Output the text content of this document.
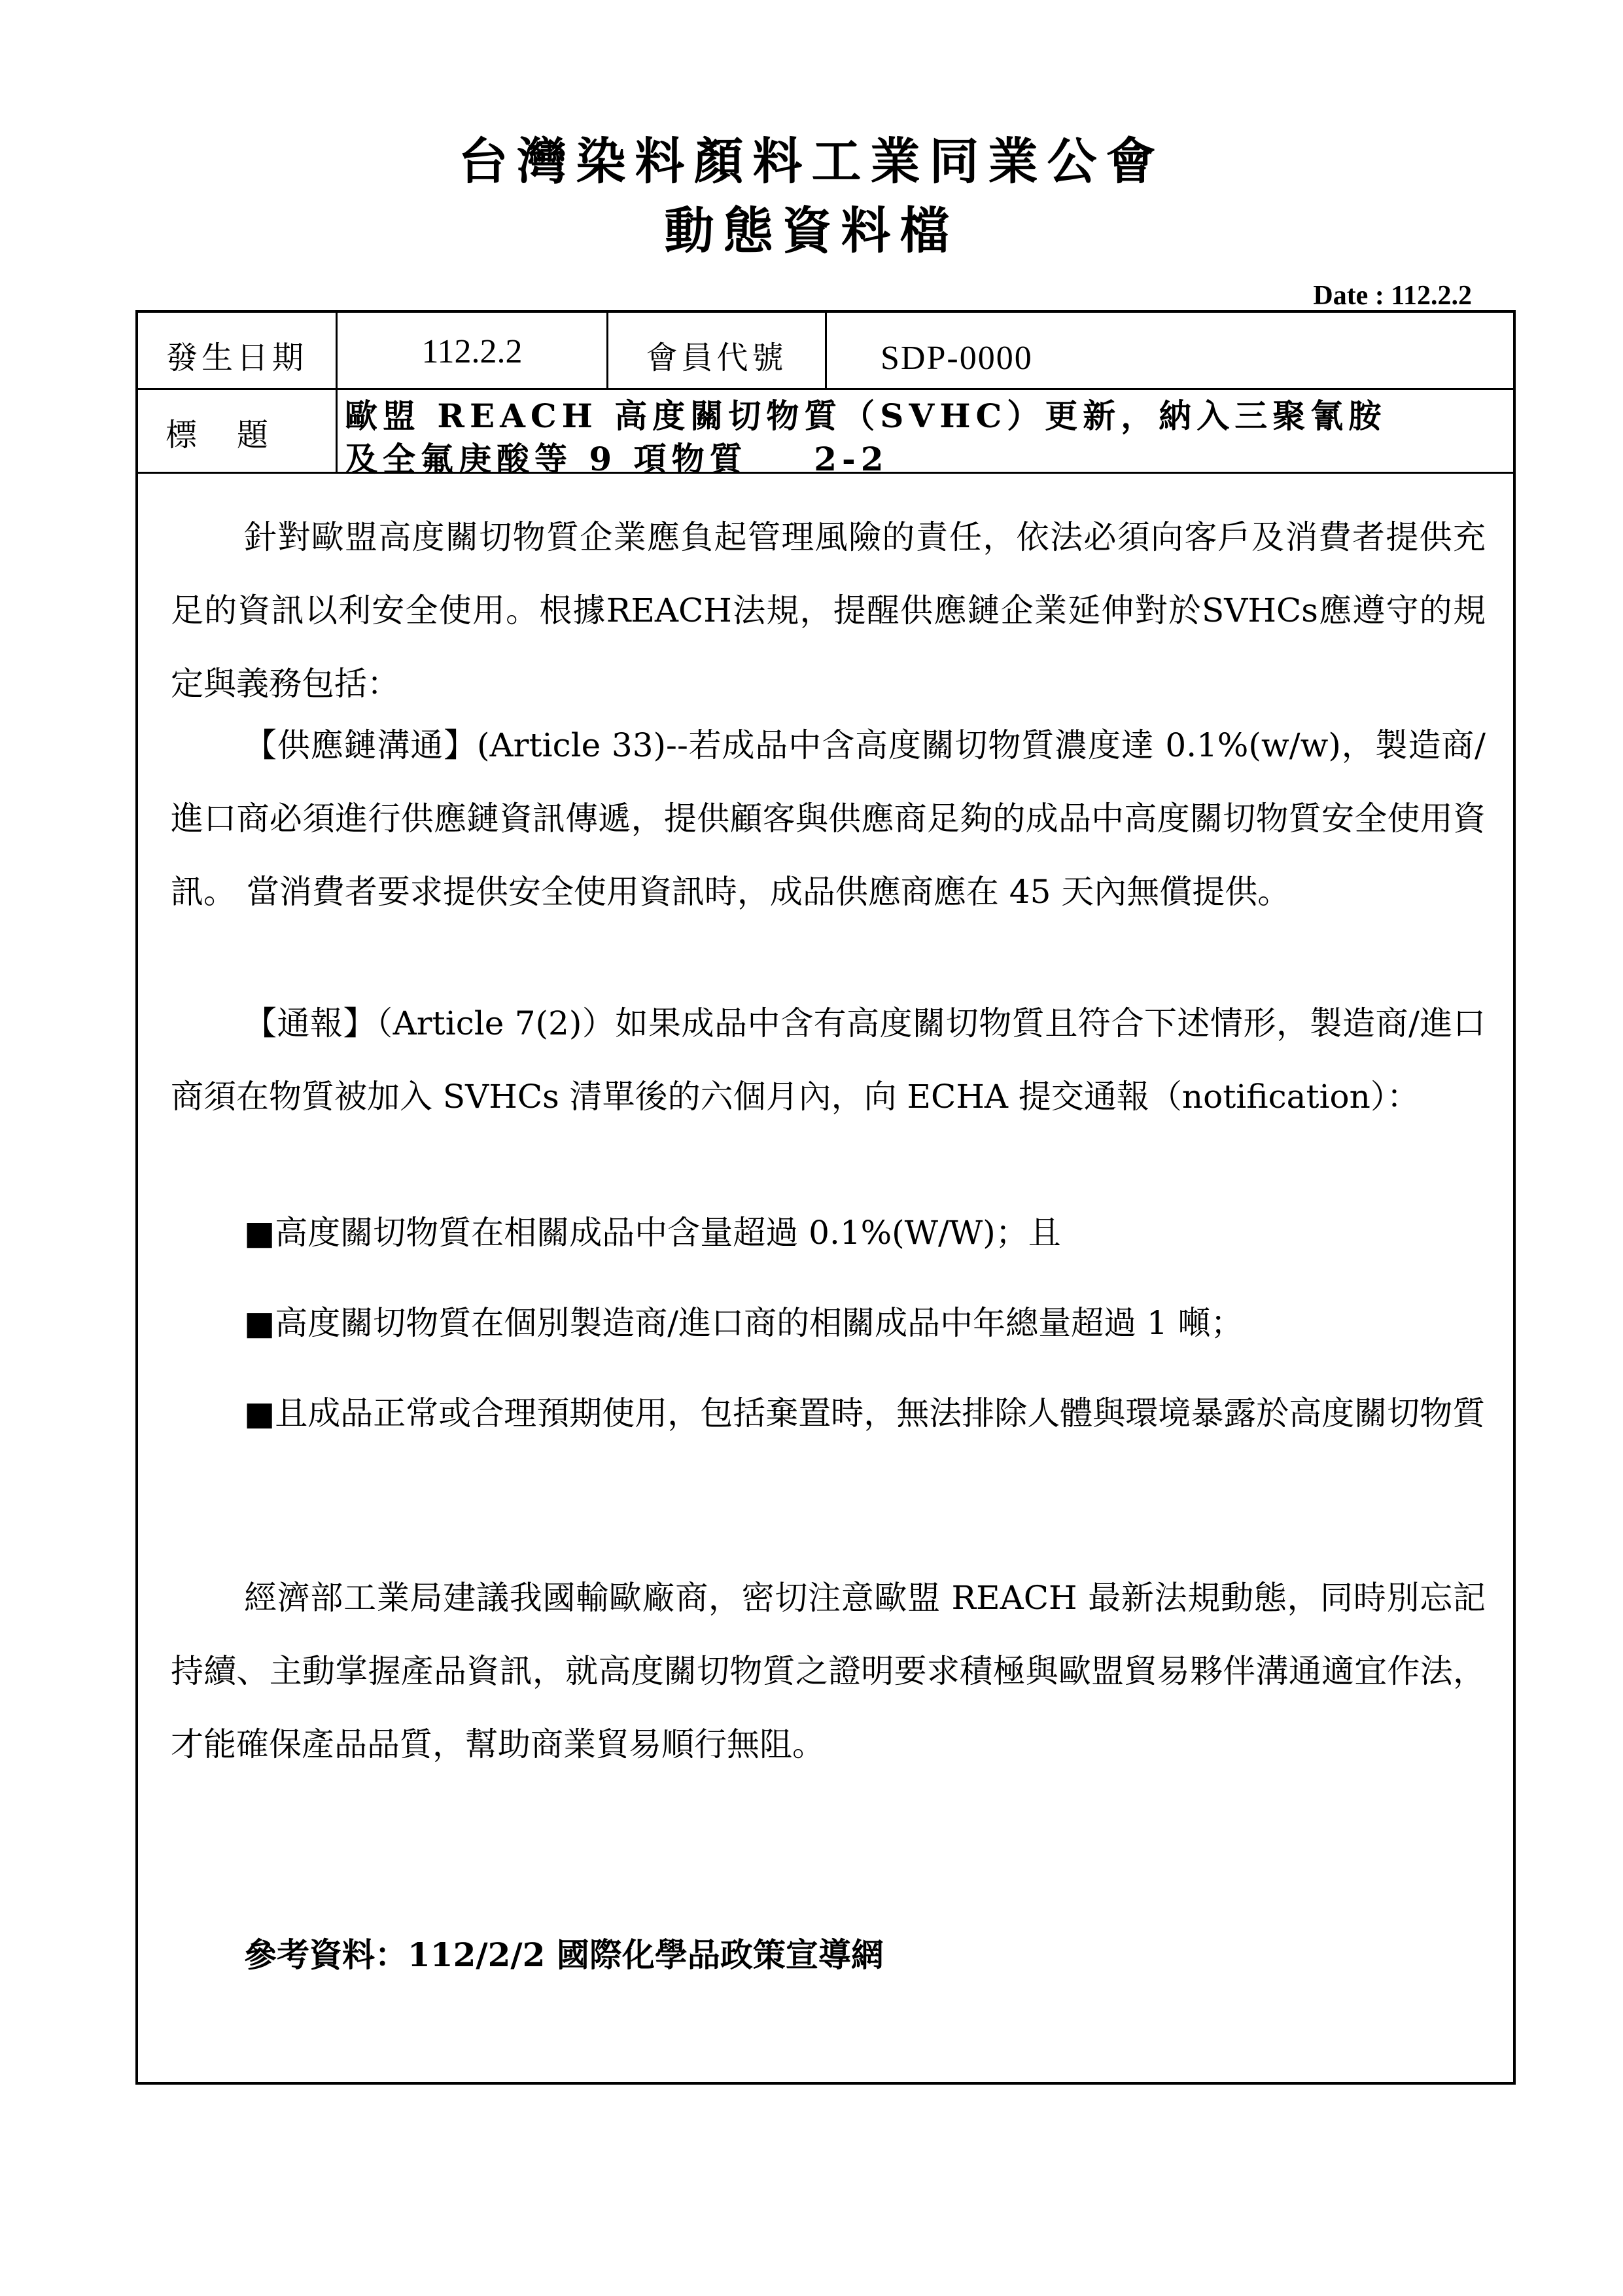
台灣染料顏料工業同業公會
動態資料檔
Date : 112.2.2
發生日期	112.2.2	會員代號	SDP-0000
標    題 歐盟 REACH 高度關切物質（SVHC）更新，納入三聚氰胺
及全氟庚酸等 9 項物質    2-2
針對歐盟高度關切物質企業應負起管理風險的責任，依法必須向客戶及消費者提供充足的資訊以利安全使用。根據REACH法規，提醒供應鏈企業延伸對於SVHCs應遵守的規定與義務包括：
【供應鏈溝通】(Article 33)--若成品中含高度關切物質濃度達 0.1%(w/w)，製造商/進口商必須進行供應鏈資訊傳遞，提供顧客與供應商足夠的成品中高度關切物質安全使用資訊。 當消費者要求提供安全使用資訊時，成品供應商應在 45 天內無償提供。
【通報】（Article 7(2)）如果成品中含有高度關切物質且符合下述情形，製造商/進口商須在物質被加入 SVHCs 清單後的六個月內，向 ECHA 提交通報（notification）：
■高度關切物質在相關成品中含量超過 0.1%(W/W)；且
■高度關切物質在個別製造商/進口商的相關成品中年總量超過 1 噸；
■且成品正常或合理預期使用，包括棄置時，無法排除人體與環境暴露於高度關切物質
經濟部工業局建議我國輸歐廠商，密切注意歐盟 REACH 最新法規動態，同時別忘記持續、主動掌握產品資訊，就高度關切物質之證明要求積極與歐盟貿易夥伴溝通適宜作法，才能確保產品品質，幫助商業貿易順行無阻。
參考資料：112/2/2 國際化學品政策宣導網
